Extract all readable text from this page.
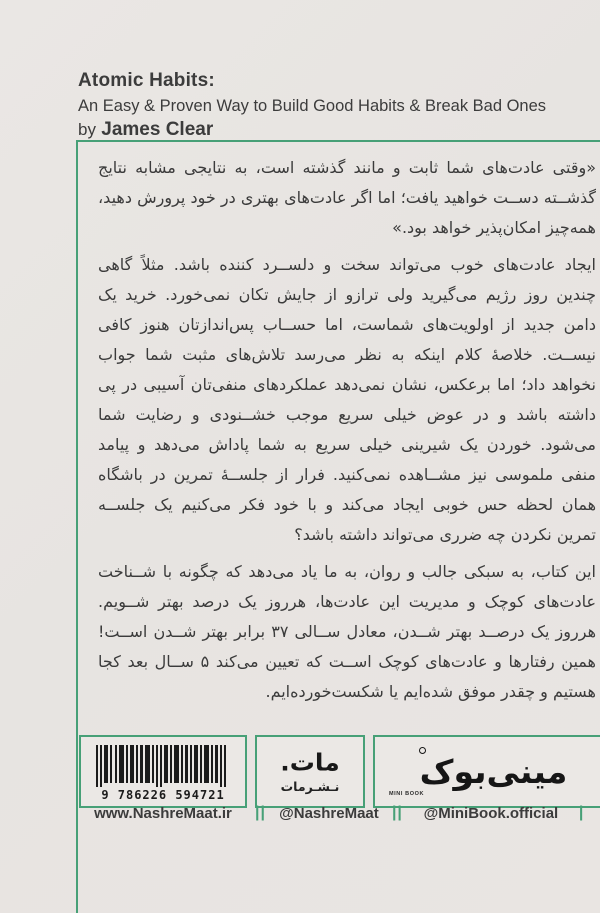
Atomic Habits:
An Easy & Proven Way to Build Good Habits & Break Bad Ones
by James Clear

«وقتی عادت‌های شما ثابت و مانند گذشته است، به نتایجی مشابه نتایج گذشــته دســت خواهید یافت؛ اما اگر عادت‌های بهتری در خود پرورش دهید، همه‌چیز امکان‌پذیر خواهد بود.»

ایجاد عادت‌های خوب می‌تواند سخت و دلســرد کننده باشد. مثلاً گاهی چندین روز رژیم می‌گیرید ولی ترازو از جایش تکان نمی‌خورد. خرید یک دامن جدید از اولویت‌های شماست، اما حســاب پس‌اندازتان هنوز کافی نیســت. خلاصهٔ کلام اینکه به نظر می‌رسد تلاش‌های مثبت شما جواب نخواهد داد؛ اما برعکس، نشان نمی‌دهد عملکردهای منفی‌تان آسیبی در پی داشته باشد و در عوض خیلی سریع موجب خشــنودی و رضایت شما می‌شود. خوردن یک شیرینی خیلی سریع به شما پاداش می‌دهد و پیامد منفی ملموسی نیز مشــاهده نمی‌کنید. فرار از جلســهٔ تمرین در باشگاه همان لحظه حس خوبی ایجاد می‌کند و با خود فکر می‌کنیم یک جلســه تمرین نکردن چه ضرری می‌تواند داشته باشد؟

این کتاب، به سبکی جالب و روان، به ما یاد می‌دهد که چگونه با شــناخت عادت‌های کوچک و مدیریت این عادت‌ها، هرروز یک درصد بهتر شــویم. هرروز یک درصــد بهتر شــدن، معادل ســالی ۳۷ برابر بهتر شــدن اســت! همین رفتارها و عادت‌های کوچک اســت که تعیین می‌کند ۵ ســال بعد کجا هستیم و چقدر موفق شده‌ایم یا شکست‌خورده‌ایم.

9 786226 594721
مات.
نـشـرمات مینی‌بوک
MINI BOOK
www.NashreMaat.ir	|| @NashreMaat ||	@MiniBook.official	|
